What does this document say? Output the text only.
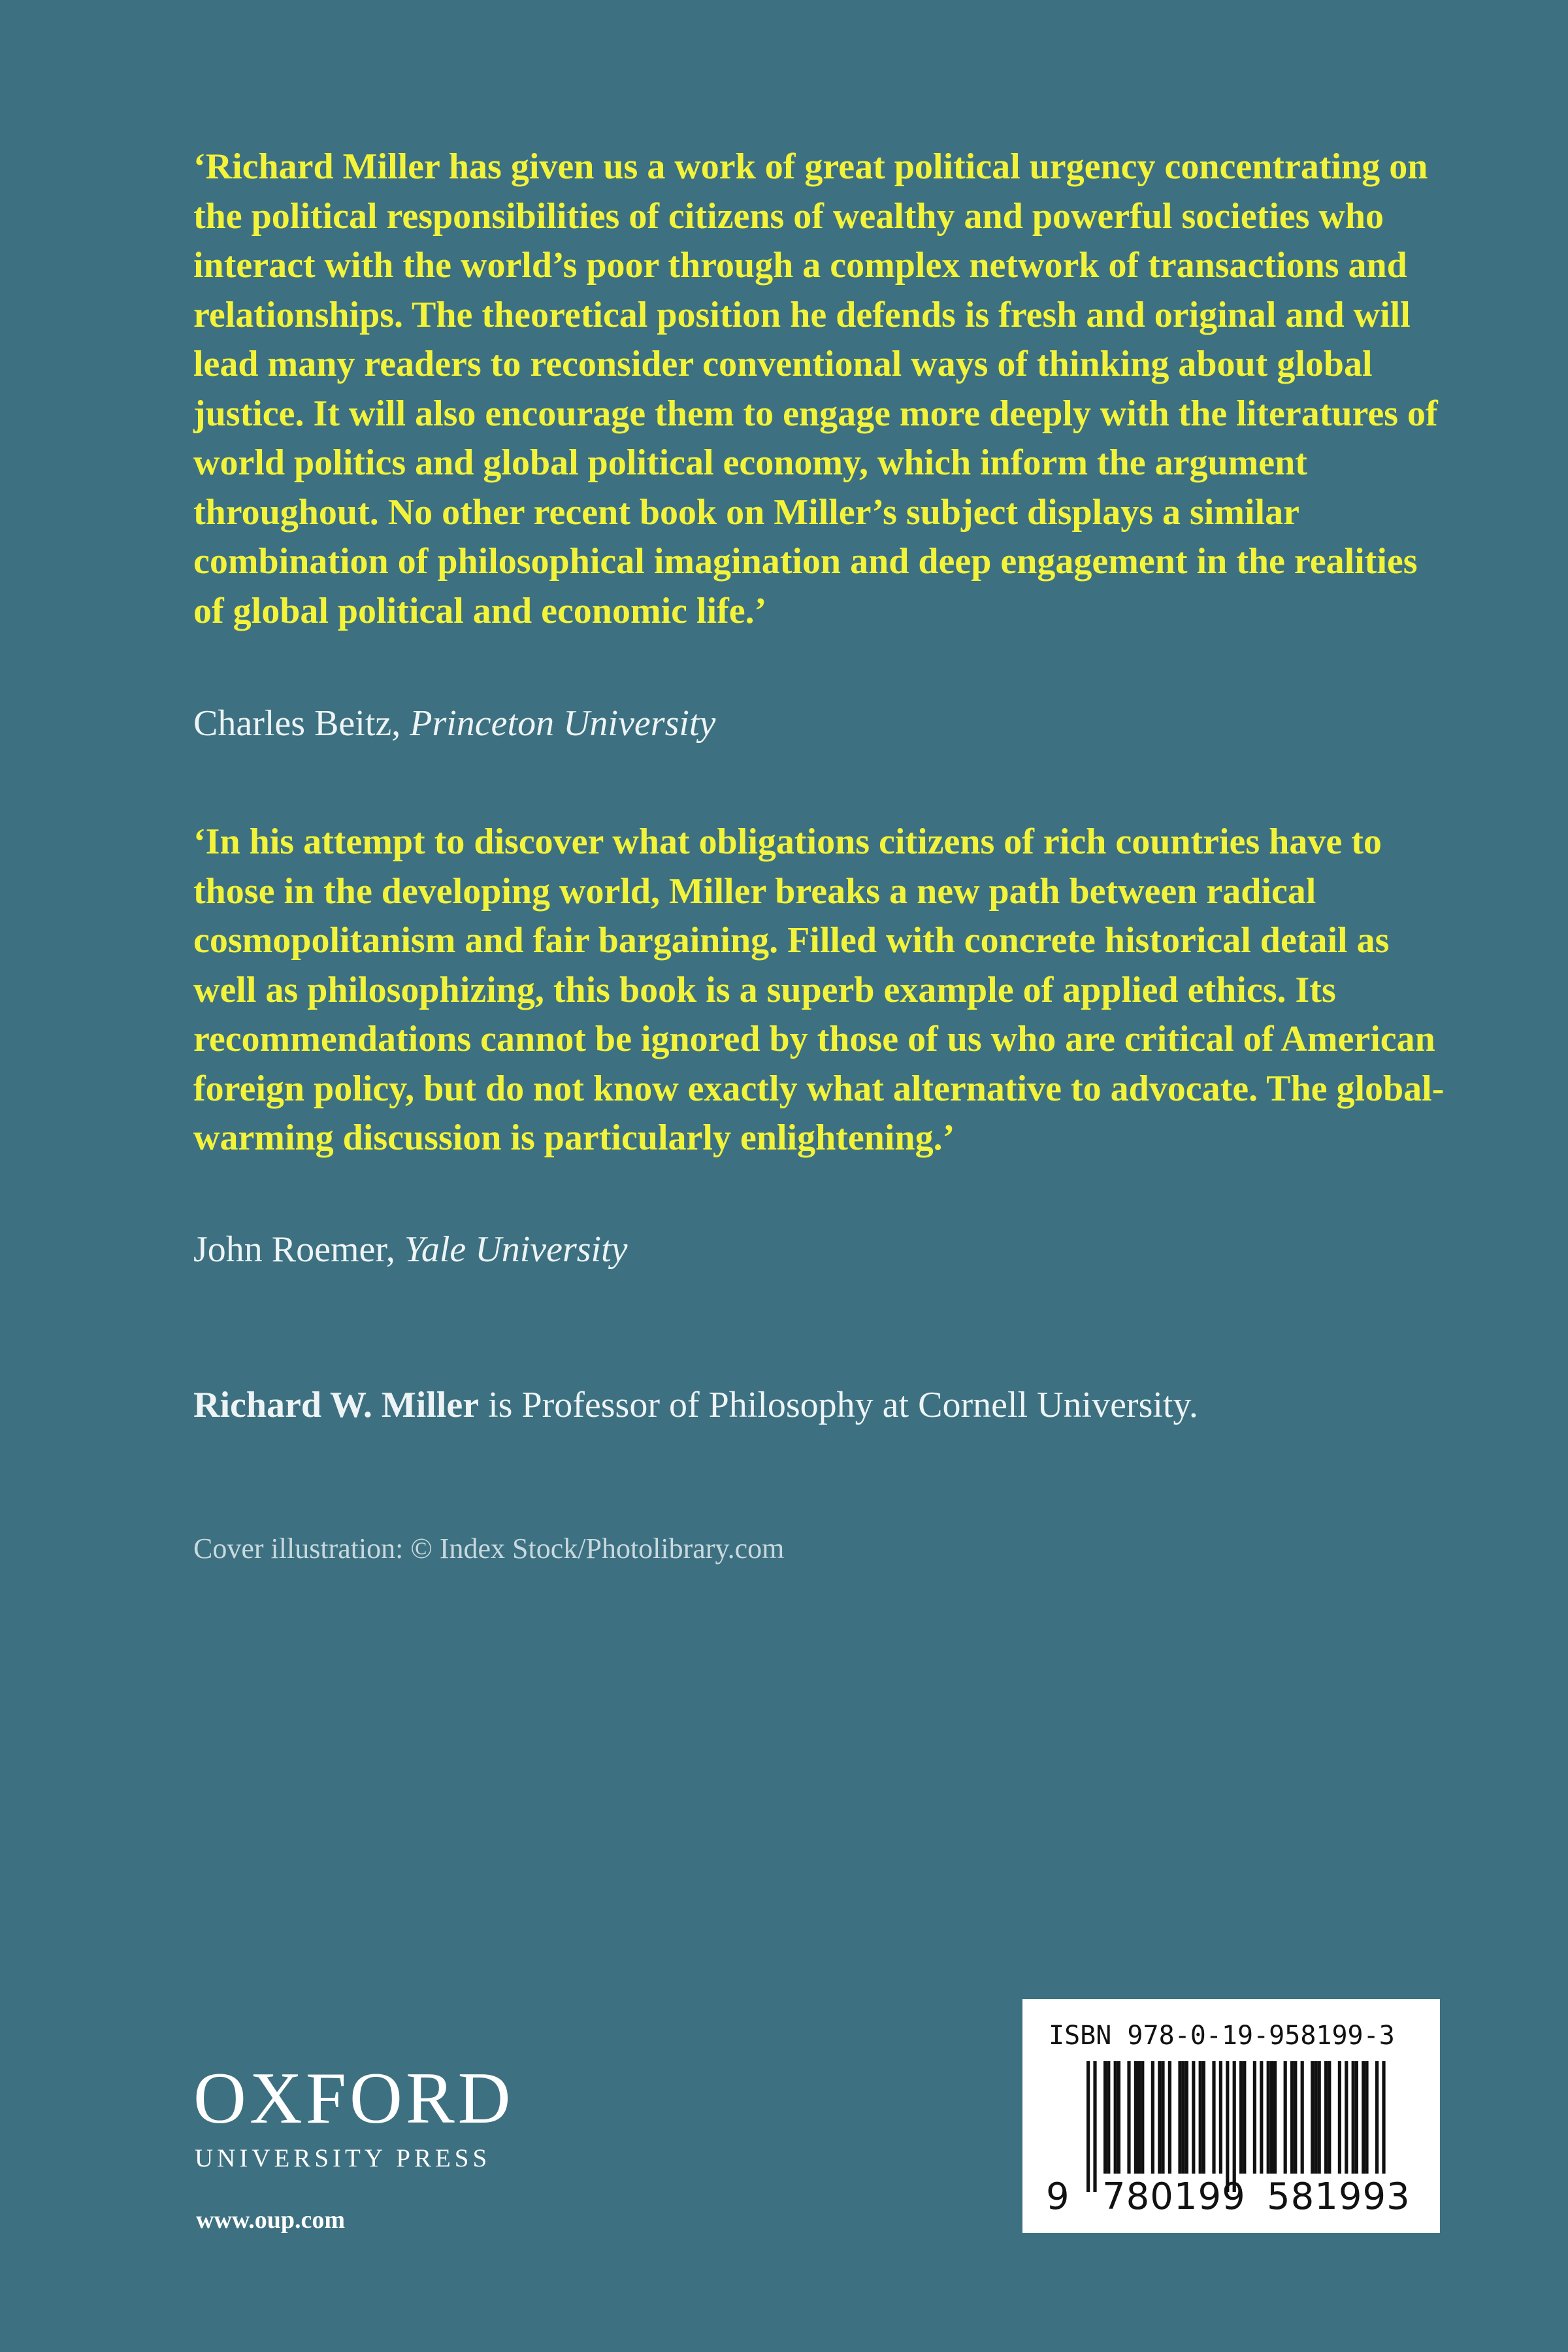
‘Richard Miller has given us a work of great political urgency concentrating on the political responsibilities of citizens of wealthy and powerful societies who interact with the world’s poor through a complex network of transactions and relationships. The theoretical position he defends is fresh and original and will lead many readers to reconsider conventional ways of thinking about global justice. It will also encourage them to engage more deeply with the literatures of world politics and global political economy, which inform the argument throughout. No other recent book on Miller’s subject displays a similar combination of philosophical imagination and deep engagement in the realities of global political and economic life.’

Charles Beitz, Princeton University

‘In his attempt to discover what obligations citizens of rich countries have to those in the developing world, Miller breaks a new path between radical cosmopolitanism and fair bargaining. Filled with concrete historical detail as well as philosophizing, this book is a superb example of applied ethics. Its recommendations cannot be ignored by those of us who are critical of American foreign policy, but do not know exactly what alternative to advocate. The global-warming discussion is particularly enlightening.’

John Roemer, Yale University

Richard W. Miller is Professor of Philosophy at Cornell University.

Cover illustration: © Index Stock/Photolibrary.com

OXFORD

UNIVERSITY PRESS

www.oup.com

ISBN 978-0-19-958199-3
9 780199 581993
